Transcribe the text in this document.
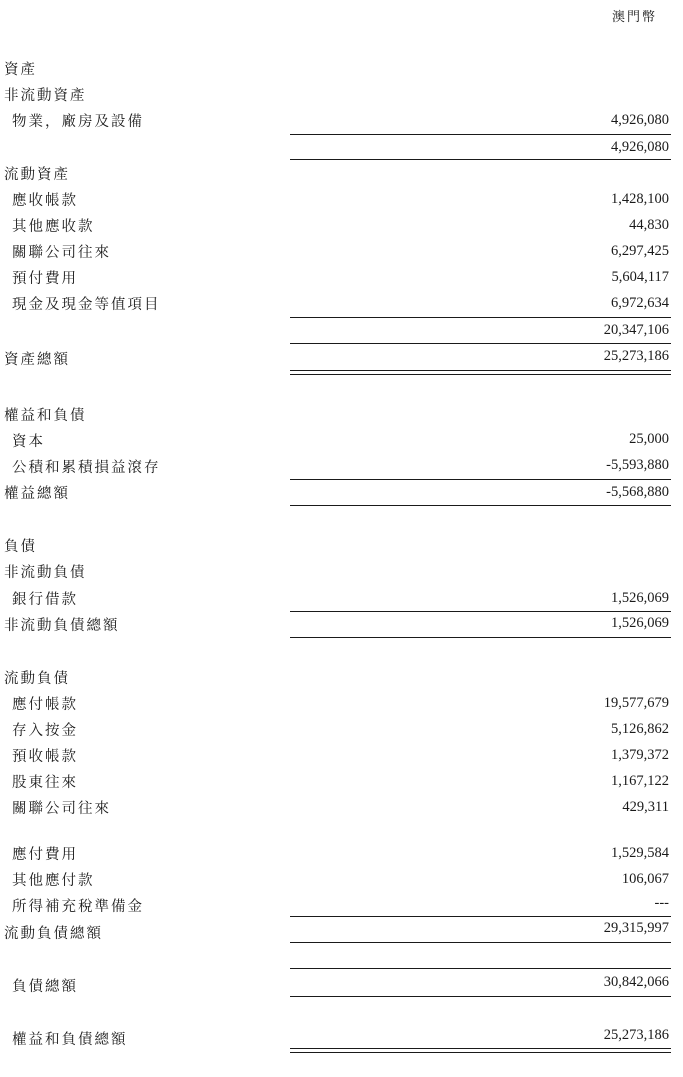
澳門幣
資產
非流動資產
物業，廠房及設備	4,926,080
4,926,080
流動資產
應收帳款	1,428,100
其他應收款	44,830
關聯公司往來	6,297,425
預付費用	5,604,117
現金及現金等值項目	6,972,634
20,347,106
資產總額	25,273,186
權益和負債
資本	25,000
公積和累積損益滾存	-5,593,880
權益總額	-5,568,880
負債
非流動負債
銀行借款	1,526,069
非流動負債總額	1,526,069
流動負債
應付帳款	19,577,679
存入按金	5,126,862
預收帳款	1,379,372
股東往來	1,167,122
關聯公司往來	429,311
應付費用	1,529,584
其他應付款	106,067
所得補充稅準備金	---
流動負債總額	29,315,997
負債總額	30,842,066
權益和負債總額	25,273,186
